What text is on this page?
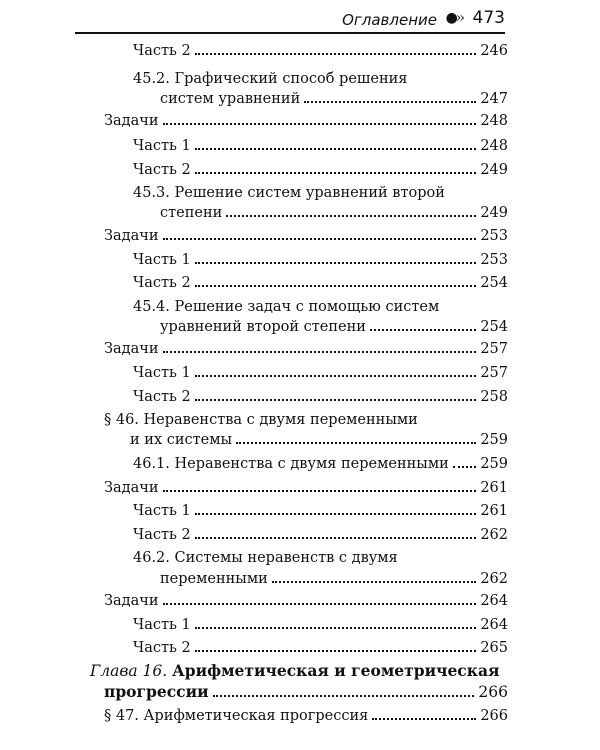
Оглавление ●›› 473
Часть 2	246
45.2. Графический способ решения
систем уравнений	247
Задачи	248
Часть 1	248
Часть 2	249
45.3. Решение систем уравнений второй
степени	249
Задачи	253
Часть 1	253
Часть 2	254
45.4. Решение задач с помощью систем
уравнений второй степени	254
Задачи	257
Часть 1	257
Часть 2	258
§ 46. Неравенства с двумя переменными
и их системы	259
46.1. Неравенства с двумя переменными 259
Задачи	261
Часть 1	261
Часть 2	262
46.2. Системы неравенств с двумя
переменными	262
Задачи	264
Часть 1	264
Часть 2	265
Глава 16. Арифметическая и геометрическая
прогрессии	266
§ 47. Арифметическая прогрессия	266
